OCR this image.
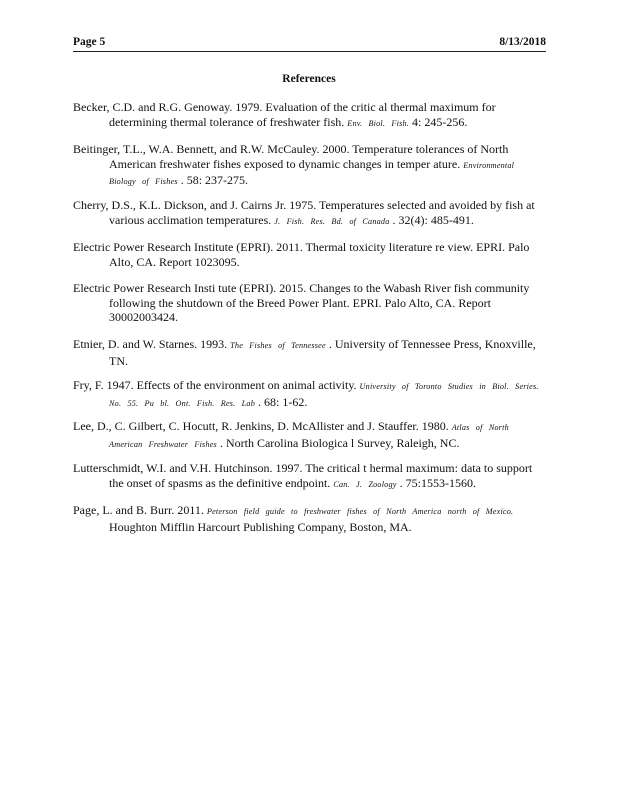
Page 5	8/13/2018
References
Becker, C.D. and R.G. Genoway. 1979. Evaluation of the critic al thermal maximum for determining thermal tolerance of freshwater fish. Env. Biol. Fish. 4: 245-256.
Beitinger, T.L., W.A. Bennett, and R.W. McCauley. 2000. Temperature tolerances of North American freshwater fishes exposed to dynamic changes in temper ature. Environmental Biology of Fishes . 58: 237-275.
Cherry, D.S., K.L. Dickson, and J. Cairns Jr. 1975. Temperatures selected and avoided by fish at various acclimation temperatures. J. Fish. Res. Bd. of Canada . 32(4): 485-491.
Electric Power Research Institute (EPRI). 2011. Thermal toxicity literature re view. EPRI. Palo Alto, CA. Report 1023095.
Electric Power Research Insti tute (EPRI). 2015. Changes to the Wabash River fish community following the shutdown of the Breed Power Plant. EPRI. Palo Alto, CA. Report 30002003424.
Etnier, D. and W. Starnes. 1993. The Fishes of Tennessee . University of Tennessee Press, Knoxville, TN.
Fry, F. 1947. Effects of the environment on animal activity. University of Toronto Studies in Biol. Series. No. 55. Pu bl. Ont. Fish. Res. Lab . 68: 1-62.
Lee, D., C. Gilbert, C. Hocutt, R. Jenkins, D. McAllister and J. Stauffer. 1980. Atlas of North American Freshwater Fishes . North Carolina Biologica l Survey, Raleigh, NC.
Lutterschmidt, W.I. and V.H. Hutchinson. 1997. The critical t hermal maximum: data to support the onset of spasms as the definitive endpoint. Can. J. Zoology . 75:1553-1560.
Page, L. and B. Burr. 2011. Peterson field guide to freshwater fishes of North America north of Mexico. Houghton Mifflin Harcourt Publishing Company, Boston, MA.
